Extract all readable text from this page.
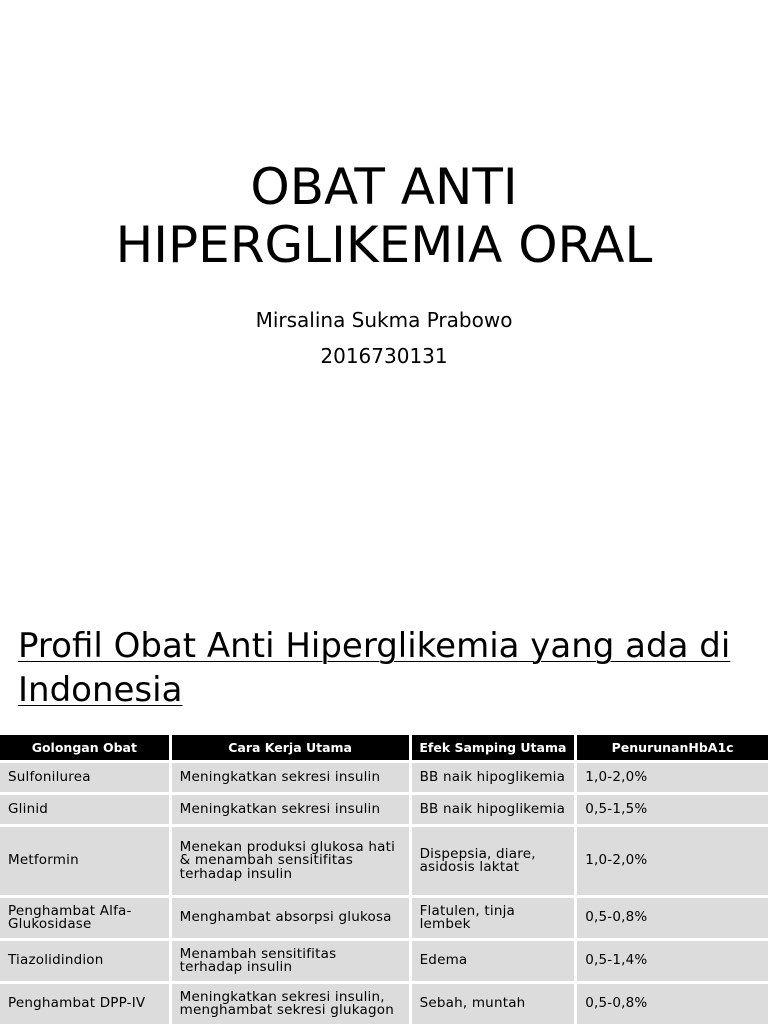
OBAT ANTI
HIPERGLIKEMIA ORAL
Mirsalina Sukma Prabowo
2016730131
Profil Obat Anti Hiperglikemia yang ada di Indonesia
Golongan Obat	Cara Kerja Utama	Efek Samping Utama	PenurunanHbA1c
Sulfonilurea	Meningkatkan sekresi insulin	BB naik hipoglikemia	1,0-2,0%
Glinid	Meningkatkan sekresi insulin	BB naik hipoglikemia	0,5-1,5%
Metformin	Menekan produksi glukosa hati & menambah sensitifitas terhadap insulin	Dispepsia, diare, asidosis laktat	1,0-2,0%
Penghambat Alfa-Glukosidase	Menghambat absorpsi glukosa	Flatulen, tinja lembek	0,5-0,8%
Tiazolidindion	Menambah sensitifitas terhadap insulin	Edema	0,5-1,4%
Penghambat DPP-IV	Meningkatkan sekresi insulin, menghambat sekresi glukagon	Sebah, muntah	0,5-0,8%
